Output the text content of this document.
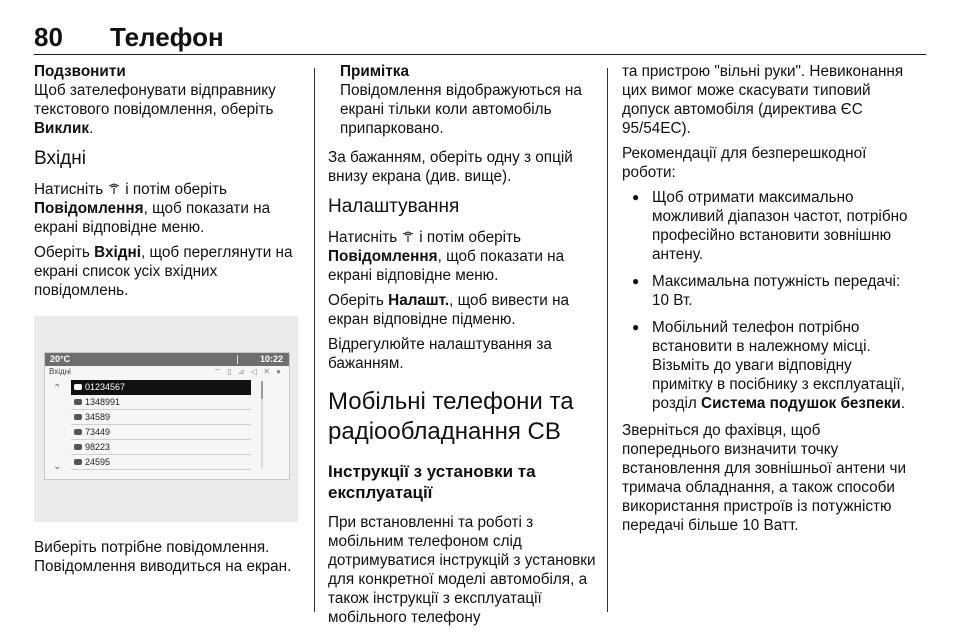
80 Телефон

Подзвонити

Щоб зателефонувати відправнику текстового повідомлення, оберіть Виклик.

Вхідні

Натисніть і потім оберіть Повідомлення, щоб показати на екрані відповідне меню.

Оберіть Вхідні, щоб переглянути на екрані список усіх вхідних повідомлень.

20°C	10:22
Вхідні	⌔ ▯ ⊿ ◁ ✕ ●
⌃
⌄
01234567
1348991
34589
73449
98223
24595

Виберіть потрібне повідомлення. Повідомлення виводиться на екран.

Примітка

Повідомлення відображуються на екрані тільки коли автомобіль припарковано.

За бажанням, оберіть одну з опцій внизу екрана (див. вище).

Налаштування

Натисніть і потім оберіть Повідомлення, щоб показати на екрані відповідне меню.

Оберіть Налашт., щоб вивести на екран відповідне підменю.

Відрегулюйте налаштування за бажанням.

Мобільні телефони та радіообладнання СВ
Інструкції з установки та експлуатації

При встановленні та роботі з мобільним телефоном слід дотримуватися інструкцій з установки для конкретної моделі автомобіля, а також інструкції з експлуатації мобільного телефону

та пристрою "вільні руки". Невиконання цих вимог може скасувати типовий допуск автомобіля (директива ЄС 95/54ЕС).

Рекомендації для безперешкодної роботи:

● Щоб отримати максимально можливий діапазон частот, потрібно професійно встановити зовнішню антену.
● Максимальна потужність передачі: 10 Вт.
● Мобільний телефон потрібно встановити в належному місці. Візьміть до уваги відповідну примітку в посібнику з експлуатації, розділ Система подушок безпеки.

Зверніться до фахівця, щоб попереднього визначити точку встановлення для зовнішньої антени чи тримача обладнання, а також способи використання пристроїв із потужністю передачі більше 10 Ватт.
